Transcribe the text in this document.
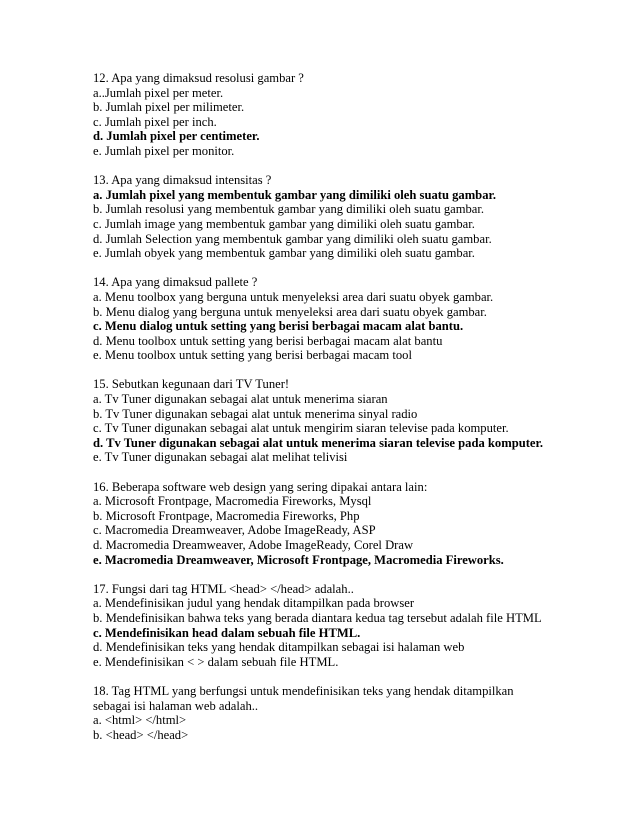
12. Apa yang dimaksud resolusi gambar ?
a..Jumlah pixel per meter.
b. Jumlah pixel per milimeter.
c. Jumlah pixel per inch.
d. Jumlah pixel per centimeter.
e. Jumlah pixel per monitor.
13. Apa yang dimaksud intensitas ?
a. Jumlah pixel yang membentuk gambar yang dimiliki oleh suatu gambar.
b. Jumlah resolusi yang membentuk gambar yang dimiliki oleh suatu gambar.
c. Jumlah image yang membentuk gambar yang dimiliki oleh suatu gambar.
d. Jumlah Selection yang membentuk gambar yang dimiliki oleh suatu gambar.
e. Jumlah obyek yang membentuk gambar yang dimiliki oleh suatu gambar.
14. Apa yang dimaksud pallete ?
a. Menu toolbox yang berguna untuk menyeleksi area dari suatu obyek gambar.
b. Menu dialog yang berguna untuk menyeleksi area dari suatu obyek gambar.
c. Menu dialog untuk setting yang berisi berbagai macam alat bantu.
d. Menu toolbox untuk setting yang berisi berbagai macam alat bantu
e. Menu toolbox untuk setting yang berisi berbagai macam tool
15. Sebutkan kegunaan dari TV Tuner!
a. Tv Tuner digunakan sebagai alat untuk menerima siaran
b. Tv Tuner digunakan sebagai alat untuk menerima sinyal radio
c. Tv Tuner digunakan sebagai alat untuk mengirim siaran televise pada komputer.
d. Tv Tuner digunakan sebagai alat untuk menerima siaran televise pada komputer.
e. Tv Tuner digunakan sebagai alat melihat telivisi
16. Beberapa software web design yang sering dipakai antara lain:
a. Microsoft Frontpage, Macromedia Fireworks, Mysql
b. Microsoft Frontpage, Macromedia Fireworks, Php
c. Macromedia Dreamweaver, Adobe ImageReady, ASP
d. Macromedia Dreamweaver, Adobe ImageReady, Corel Draw
e. Macromedia Dreamweaver, Microsoft Frontpage, Macromedia Fireworks.
17. Fungsi dari tag HTML <head> </head> adalah..
a. Mendefinisikan judul yang hendak ditampilkan pada browser
b. Mendefinisikan bahwa teks yang berada diantara kedua tag tersebut adalah file HTML
c. Mendefinisikan head dalam sebuah file HTML.
d. Mendefinisikan teks yang hendak ditampilkan sebagai isi halaman web
e. Mendefinisikan < > dalam sebuah file HTML.
18. Tag HTML yang berfungsi untuk mendefinisikan teks yang hendak ditampilkan
sebagai isi halaman web adalah..
a. <html> </html>
b. <head> </head>
